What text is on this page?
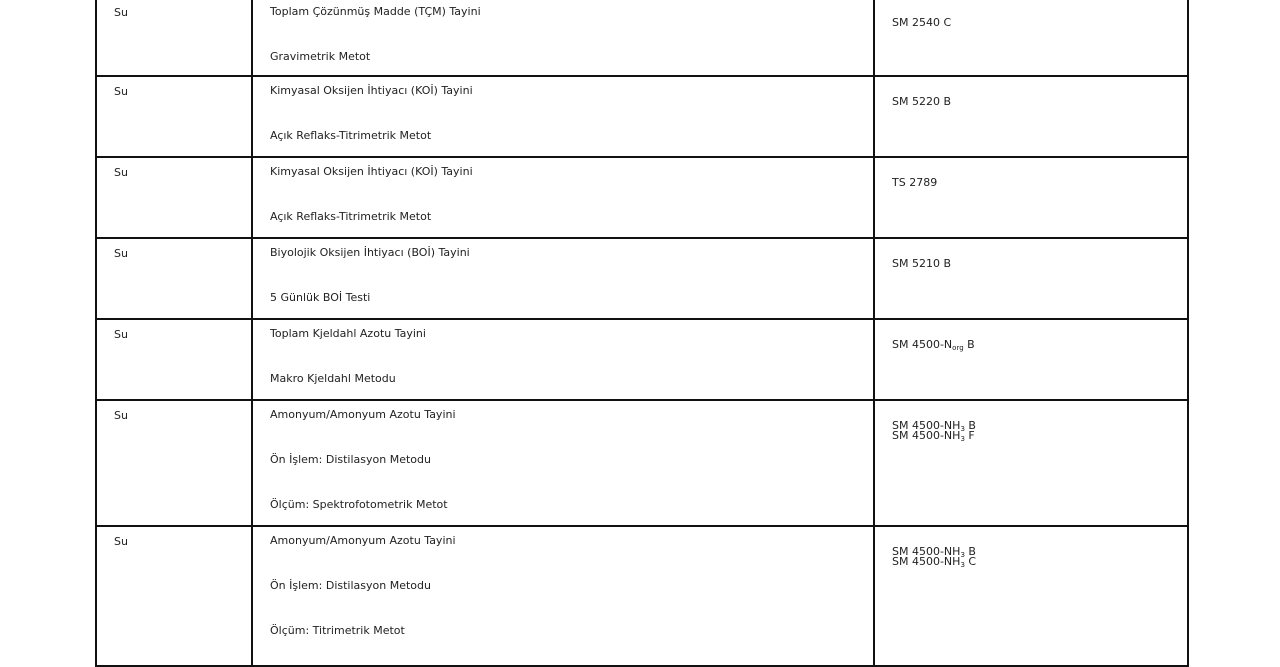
Su	Toplam Çözünmüş Madde (TÇM) Tayini
Gravimetrik Metot	SM 2540 C

Su	Kimyasal Oksijen İhtiyacı (KOİ) Tayini
Açık Reflaks-Titrimetrik Metot	SM 5220 B

Su	Kimyasal Oksijen İhtiyacı (KOİ) Tayini
Açık Reflaks-Titrimetrik Metot	TS 2789

Su	Biyolojik Oksijen İhtiyacı (BOİ) Tayini
5 Günlük BOİ Testi	SM 5210 B

Su	Toplam Kjeldahl Azotu Tayini
Makro Kjeldahl Metodu	SM $4500-N_{org}$ B

Su	Amonyum/Amonyum Azotu Tayini
Ön İşlem: Distilasyon Metodu
Ölçüm: Spektrofotometrik Metot	SM $4500-NH_3$ B
SM $4500-NH_3$ F

Su	Amonyum/Amonyum Azotu Tayini
Ön İşlem: Distilasyon Metodu
Ölçüm: Titrimetrik Metot	SM $4500-NH_3$ B
SM $4500-NH_3$ C
